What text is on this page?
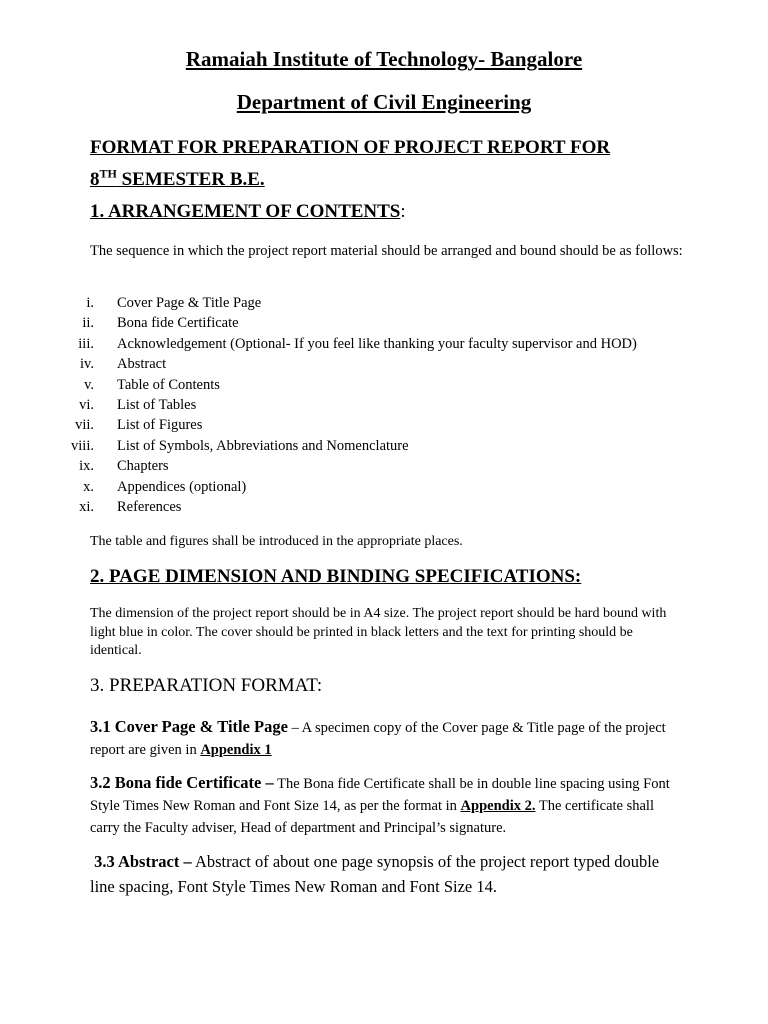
Ramaiah Institute of Technology- Bangalore
Department of Civil Engineering
FORMAT FOR PREPARATION OF PROJECT REPORT FOR
8TH SEMESTER B.E.
1. ARRANGEMENT OF CONTENTS:
The sequence in which the project report material should be arranged and bound should be as follows:
i. Cover Page & Title Page
ii. Bona fide Certificate
iii. Acknowledgement (Optional- If you feel like thanking your faculty supervisor and HOD)
iv. Abstract
v. Table of Contents
vi. List of Tables
vii. List of Figures
viii. List of Symbols, Abbreviations and Nomenclature
ix. Chapters
x. Appendices (optional)
xi. References
The table and figures shall be introduced in the appropriate places.
2. PAGE DIMENSION AND BINDING SPECIFICATIONS:
The dimension of the project report should be in A4 size. The project report should be hard bound with light blue in color. The cover should be printed in black letters and the text for printing should be identical.
3. PREPARATION FORMAT:
3.1 Cover Page & Title Page – A specimen copy of the Cover page & Title page of the project report are given in Appendix 1
3.2 Bona fide Certificate – The Bona fide Certificate shall be in double line spacing using Font Style Times New Roman and Font Size 14, as per the format in Appendix 2. The certificate shall carry the Faculty adviser, Head of department and Principal’s signature.
3.3 Abstract – Abstract of about one page synopsis of the project report typed double line spacing, Font Style Times New Roman and Font Size 14.
